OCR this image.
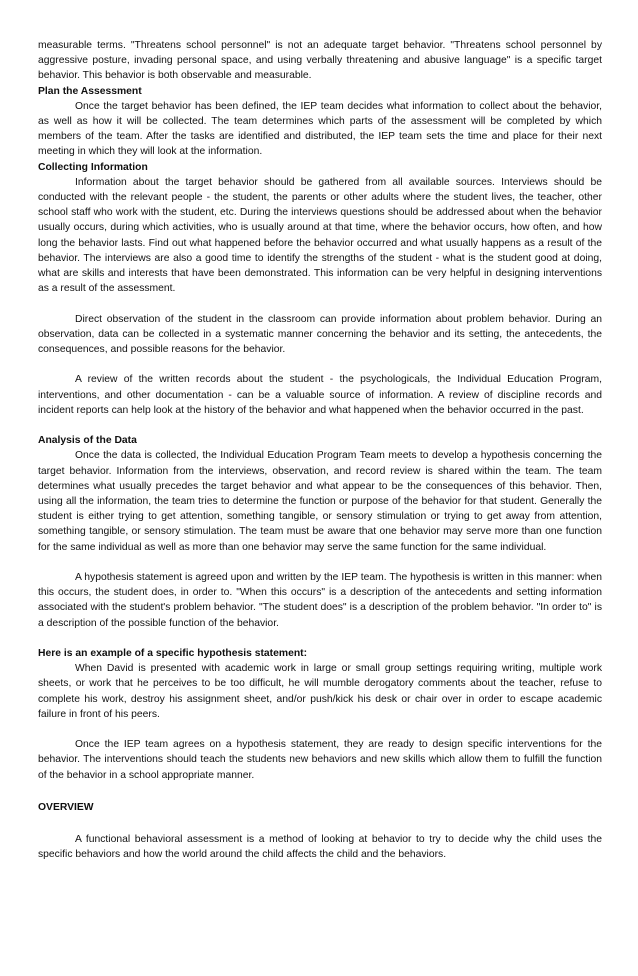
measurable terms. "Threatens school personnel" is not an adequate target behavior. "Threatens school personnel by aggressive posture, invading personal space, and using verbally threatening and abusive language" is a specific target behavior. This behavior is both observable and measurable.

Plan the Assessment

Once the target behavior has been defined, the IEP team decides what information to collect about the behavior, as well as how it will be collected. The team determines which parts of the assessment will be completed by which members of the team. After the tasks are identified and distributed, the IEP team sets the time and place for their next meeting in which they will look at the information.

Collecting Information

Information about the target behavior should be gathered from all available sources. Interviews should be conducted with the relevant people - the student, the parents or other adults where the student lives, the teacher, other school staff who work with the student, etc. During the interviews questions should be addressed about when the behavior usually occurs, during which activities, who is usually around at that time, where the behavior occurs, how often, and how long the behavior lasts. Find out what happened before the behavior occurred and what usually happens as a result of the behavior. The interviews are also a good time to identify the strengths of the student - what is the student good at doing, what are skills and interests that have been demonstrated. This information can be very helpful in designing interventions as a result of the assessment.

Direct observation of the student in the classroom can provide information about problem behavior. During an observation, data can be collected in a systematic manner concerning the behavior and its setting, the antecedents, the consequences, and possible reasons for the behavior.

A review of the written records about the student - the psychologicals, the Individual Education Program, interventions, and other documentation - can be a valuable source of information. A review of discipline records and incident reports can help look at the history of the behavior and what happened when the behavior occurred in the past.

Analysis of the Data

Once the data is collected, the Individual Education Program Team meets to develop a hypothesis concerning the target behavior. Information from the interviews, observation, and record review is shared within the team. The team determines what usually precedes the target behavior and what appear to be the consequences of this behavior. Then, using all the information, the team tries to determine the function or purpose of the behavior for that student. Generally the student is either trying to get attention, something tangible, or sensory stimulation or trying to get away from attention, something tangible, or sensory stimulation. The team must be aware that one behavior may serve more than one function for the same individual as well as more than one behavior may serve the same function for the same individual.

A hypothesis statement is agreed upon and written by the IEP team. The hypothesis is written in this manner: when this occurs, the student does, in order to. "When this occurs" is a description of the antecedents and setting information associated with the student's problem behavior. "The student does" is a description of the problem behavior. "In order to" is a description of the possible function of the behavior.

Here is an example of a specific hypothesis statement:

When David is presented with academic work in large or small group settings requiring writing, multiple work sheets, or work that he perceives to be too difficult, he will mumble derogatory comments about the teacher, refuse to complete his work, destroy his assignment sheet, and/or push/kick his desk or chair over in order to escape academic failure in front of his peers.

Once the IEP team agrees on a hypothesis statement, they are ready to design specific interventions for the behavior. The interventions should teach the students new behaviors and new skills which allow them to fulfill the function of the behavior in a school appropriate manner.

OVERVIEW

A functional behavioral assessment is a method of looking at behavior to try to decide why the child uses the specific behaviors and how the world around the child affects the child and the behaviors.
